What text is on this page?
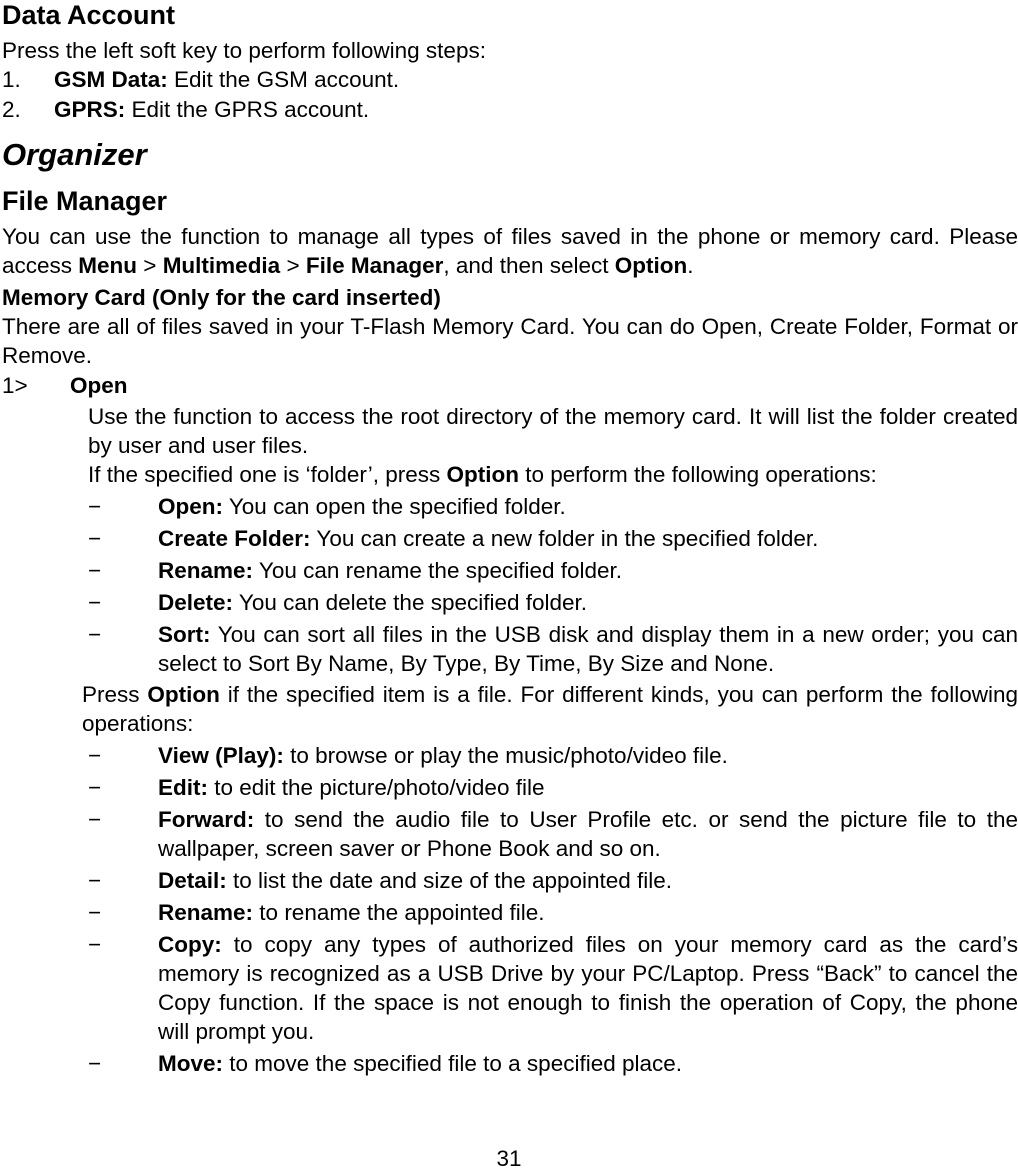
Data Account

Press the left soft key to perform following steps:

1. GSM Data: Edit the GSM account.
2. GPRS: Edit the GPRS account.
Organizer
File Manager

You can use the function to manage all types of files saved in the phone or memory card. Please access Menu > Multimedia > File Manager, and then select Option.

Memory Card (Only for the card inserted)

There are all of files saved in your T-Flash Memory Card. You can do Open, Create Folder, Format or Remove.

1> Open

Use the function to access the root directory of the memory card. It will list the folder created by user and user files.

If the specified one is ‘folder’, press Option to perform the following operations:

−	Open: You can open the specified folder.
−	Create Folder: You can create a new folder in the specified folder.
−	Rename: You can rename the specified folder.
−	Delete: You can delete the specified folder.
−	Sort: You can sort all files in the USB disk and display them in a new order; you can select to Sort By Name, By Type, By Time, By Size and None.

Press Option if the specified item is a file. For different kinds, you can perform the following operations:

−	View (Play): to browse or play the music/photo/video file.
−	Edit: to edit the picture/photo/video file
−	Forward: to send the audio file to User Profile etc. or send the picture file to the wallpaper, screen saver or Phone Book and so on.
−	Detail: to list the date and size of the appointed file.
−	Rename: to rename the appointed file.
−	Copy: to copy any types of authorized files on your memory card as the card’s memory is recognized as a USB Drive by your PC/Laptop. Press “Back” to cancel the Copy function. If the space is not enough to finish the operation of Copy, the phone will prompt you.
−	Move: to move the specified file to a specified place.
31
